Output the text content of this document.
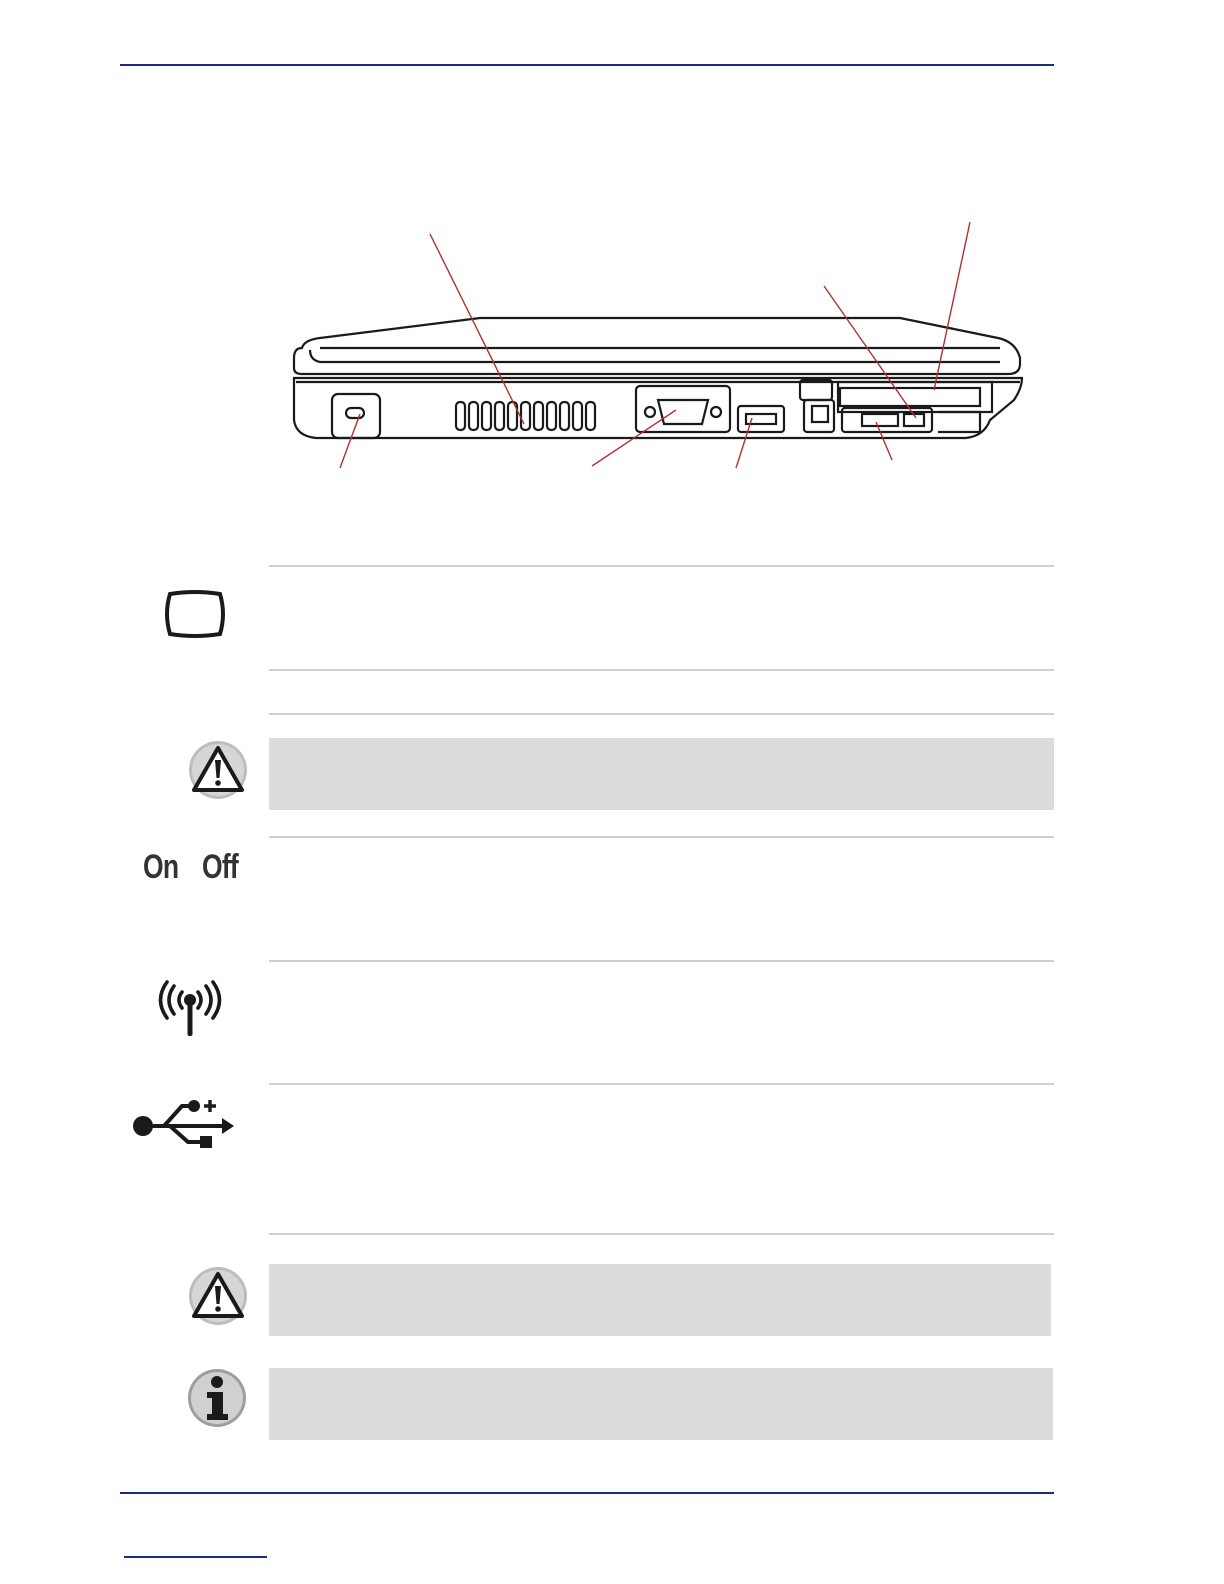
On Off
